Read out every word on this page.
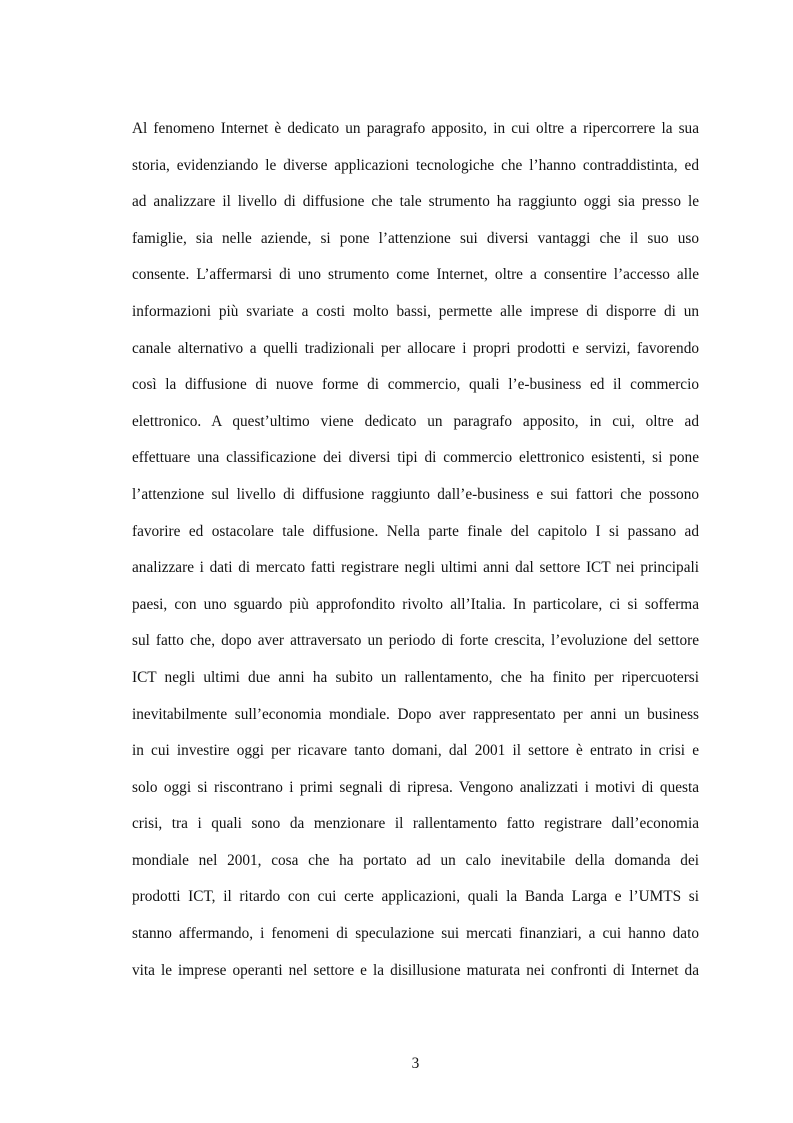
Al fenomeno Internet è dedicato un paragrafo apposito, in cui oltre a ripercorrere la sua
storia, evidenziando le diverse applicazioni tecnologiche che l’hanno contraddistinta, ed
ad analizzare il livello di diffusione che tale strumento ha raggiunto oggi sia presso le
famiglie, sia nelle aziende, si pone l’attenzione sui diversi vantaggi che il suo uso
consente. L’affermarsi di uno strumento come Internet, oltre a consentire l’accesso alle
informazioni più svariate a costi molto bassi, permette alle imprese di disporre di un
canale alternativo a quelli tradizionali per allocare i propri prodotti e servizi, favorendo
così la diffusione di nuove forme di commercio, quali l’e-business ed il commercio
elettronico. A quest’ultimo viene dedicato un paragrafo apposito, in cui, oltre ad
effettuare una classificazione dei diversi tipi di commercio elettronico esistenti, si pone
l’attenzione sul livello di diffusione raggiunto dall’e-business e sui fattori che possono
favorire ed ostacolare tale diffusione. Nella parte finale del capitolo I si passano ad
analizzare i dati di mercato fatti registrare negli ultimi anni dal settore ICT nei principali
paesi, con uno sguardo più approfondito rivolto all’Italia. In particolare, ci si sofferma
sul fatto che, dopo aver attraversato un periodo di forte crescita, l’evoluzione del settore
ICT negli ultimi due anni ha subito un rallentamento, che ha finito per ripercuotersi
inevitabilmente sull’economia mondiale. Dopo aver rappresentato per anni un business
in cui investire oggi per ricavare tanto domani, dal 2001 il settore è entrato in crisi e
solo oggi si riscontrano i primi segnali di ripresa. Vengono analizzati i motivi di questa
crisi, tra i quali sono da menzionare il rallentamento fatto registrare dall’economia
mondiale nel 2001, cosa che ha portato ad un calo inevitabile della domanda dei
prodotti ICT, il ritardo con cui certe applicazioni, quali la Banda Larga e l’UMTS si
stanno affermando, i fenomeni di speculazione sui mercati finanziari, a cui hanno dato
vita le imprese operanti nel settore e la disillusione maturata nei confronti di Internet da
3
